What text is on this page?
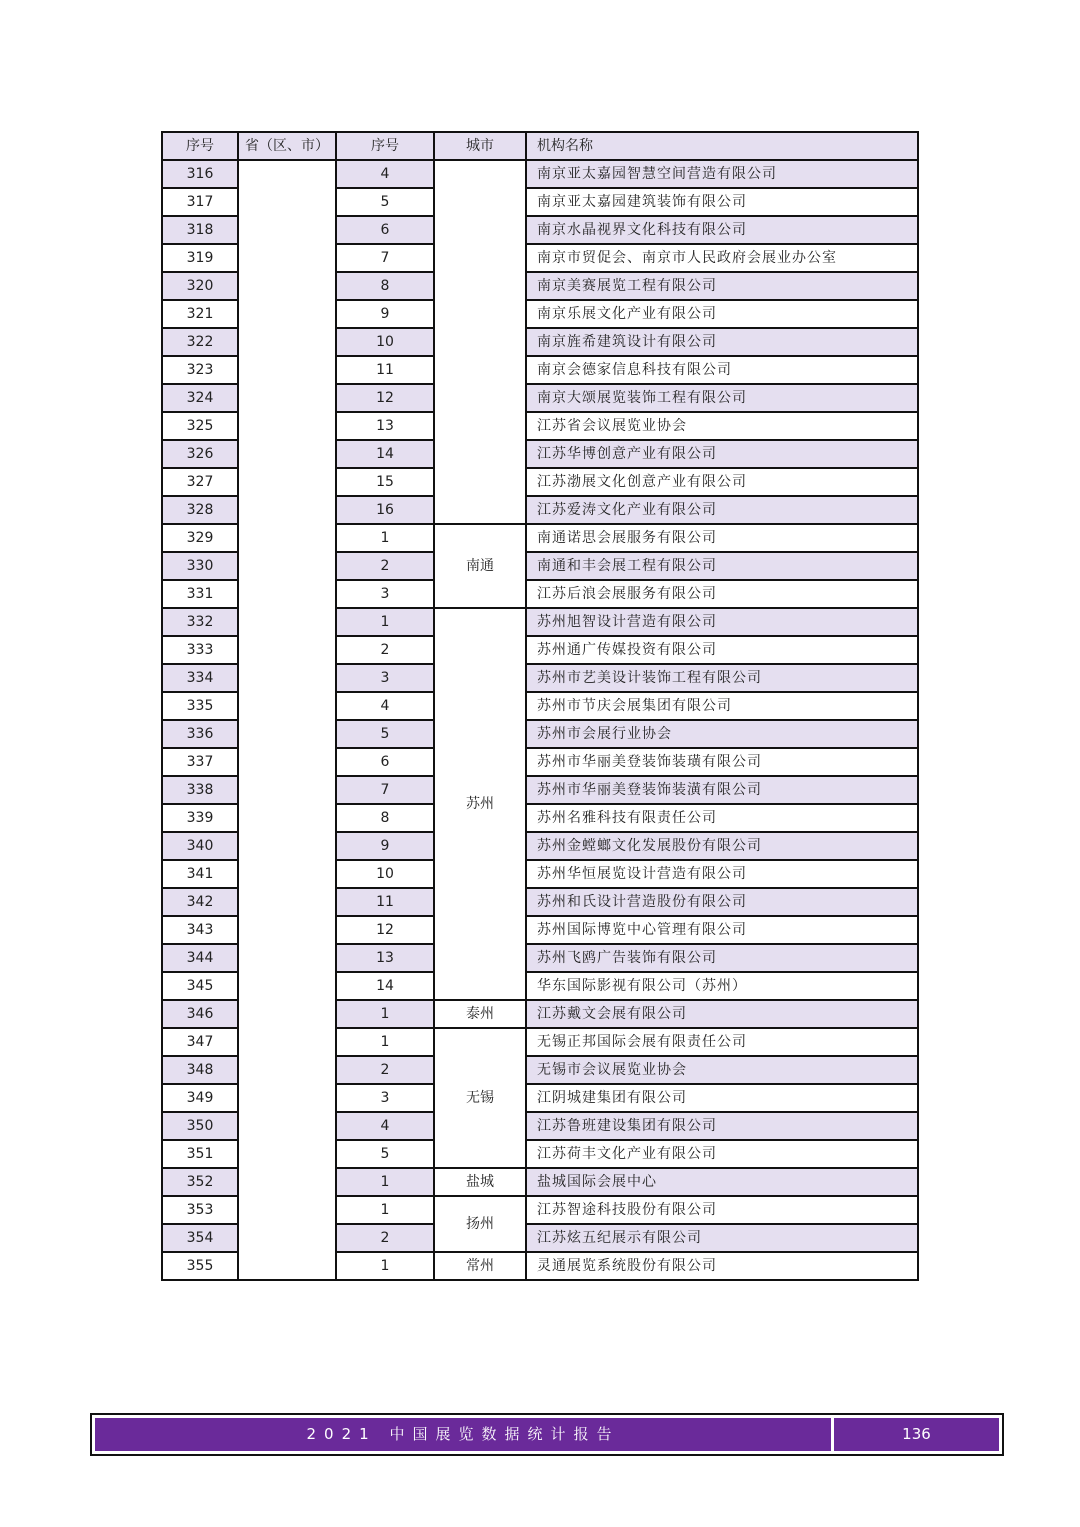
序号	省（区、市）	序号	城市	机构名称
316		4		南京亚太嘉园智慧空间营造有限公司
317		5		南京亚太嘉园建筑装饰有限公司
318		6		南京水晶视界文化科技有限公司
319		7		南京市贸促会、南京市人民政府会展业办公室
320		8		南京美赛展览工程有限公司
321		9		南京乐展文化产业有限公司
322		10		南京旌希建筑设计有限公司
323		11		南京会德家信息科技有限公司
324		12		南京大颂展览装饰工程有限公司
325		13		江苏省会议展览业协会
326		14		江苏华博创意产业有限公司
327		15		江苏渤展文化创意产业有限公司
328		16		江苏爱涛文化产业有限公司
329		1	南通	南通诺思会展服务有限公司
330		2		南通和丰会展工程有限公司
331		3		江苏后浪会展服务有限公司
332		1	苏州	苏州旭智设计营造有限公司
333		2		苏州通广传媒投资有限公司
334		3		苏州市艺美设计装饰工程有限公司
335		4		苏州市节庆会展集团有限公司
336		5		苏州市会展行业协会
337		6		苏州市华丽美登装饰装璜有限公司
338		7		苏州市华丽美登装饰装潢有限公司
339		8		苏州名雅科技有限责任公司
340		9		苏州金螳螂文化发展股份有限公司
341		10		苏州华恒展览设计营造有限公司
342		11		苏州和氏设计营造股份有限公司
343		12		苏州国际博览中心管理有限公司
344		13		苏州飞鸥广告装饰有限公司
345		14		华东国际影视有限公司（苏州）
346		1	泰州	江苏戴文会展有限公司
347		1	无锡	无锡正邦国际会展有限责任公司
348		2		无锡市会议展览业协会
349		3		江阴城建集团有限公司
350		4		江苏鲁班建设集团有限公司
351		5		江苏荷丰文化产业有限公司
352		1	盐城	盐城国际会展中心
353		1	扬州	江苏智途科技股份有限公司
354		2		江苏炫五纪展示有限公司
355		1	常州	灵通展览系统股份有限公司
2021 中国展览数据统计报告	136
